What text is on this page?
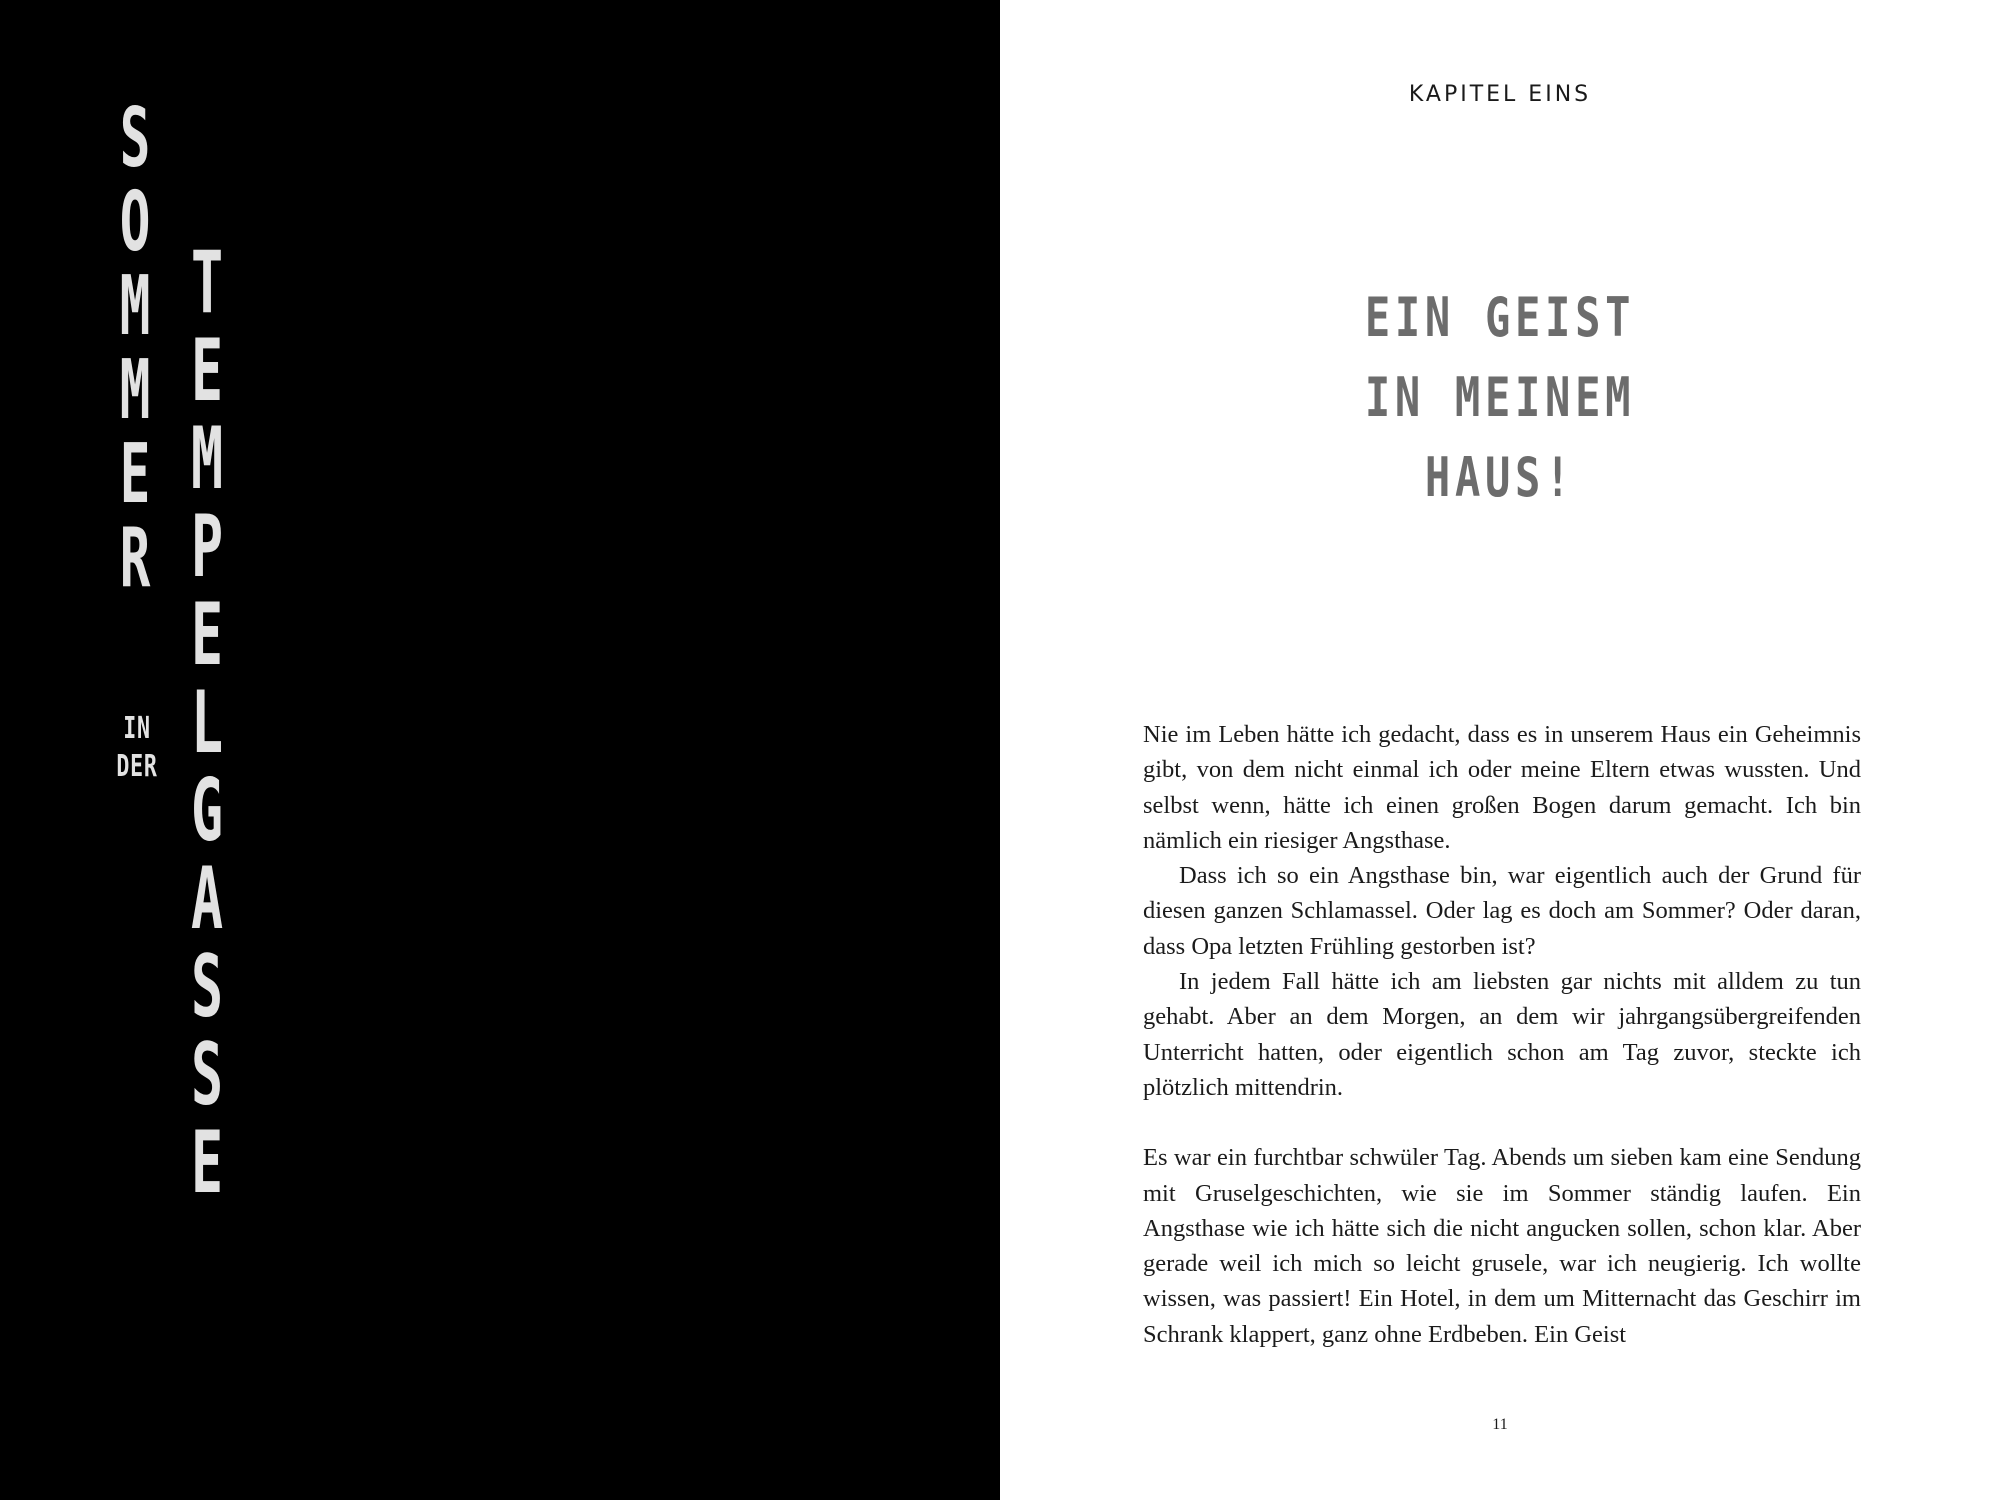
S
O
M
M
E
R
IN
DER
T
E
M
P
E
L
G
A
S
S
E
KAPITEL EINS
EIN GEIST
IN MEINEM
HAUS!

Nie im Leben hätte ich gedacht, dass es in unserem Haus ein Geheimnis gibt, von dem nicht einmal ich oder meine Eltern etwas wussten. Und selbst wenn, hätte ich einen großen Bogen darum gemacht. Ich bin nämlich ein riesiger Angsthase.

Dass ich so ein Angsthase bin, war eigentlich auch der Grund für diesen ganzen Schlamassel. Oder lag es doch am Sommer? Oder daran, dass Opa letzten Frühling gestorben ist?

In jedem Fall hätte ich am liebsten gar nichts mit alldem zu tun gehabt. Aber an dem Morgen, an dem wir jahrgangsübergreifenden Unterricht hatten, oder eigentlich schon am Tag zuvor, steckte ich plötzlich mittendrin.

Es war ein furchtbar schwüler Tag. Abends um sieben kam eine Sendung mit Gruselgeschichten, wie sie im Sommer ständig laufen. Ein Angsthase wie ich hätte sich die nicht angucken sollen, schon klar. Aber gerade weil ich mich so leicht grusele, war ich neugierig. Ich wollte wissen, was passiert! Ein Hotel, in dem um Mitternacht das Geschirr im Schrank klappert, ganz ohne Erdbeben. Ein Geist

11
